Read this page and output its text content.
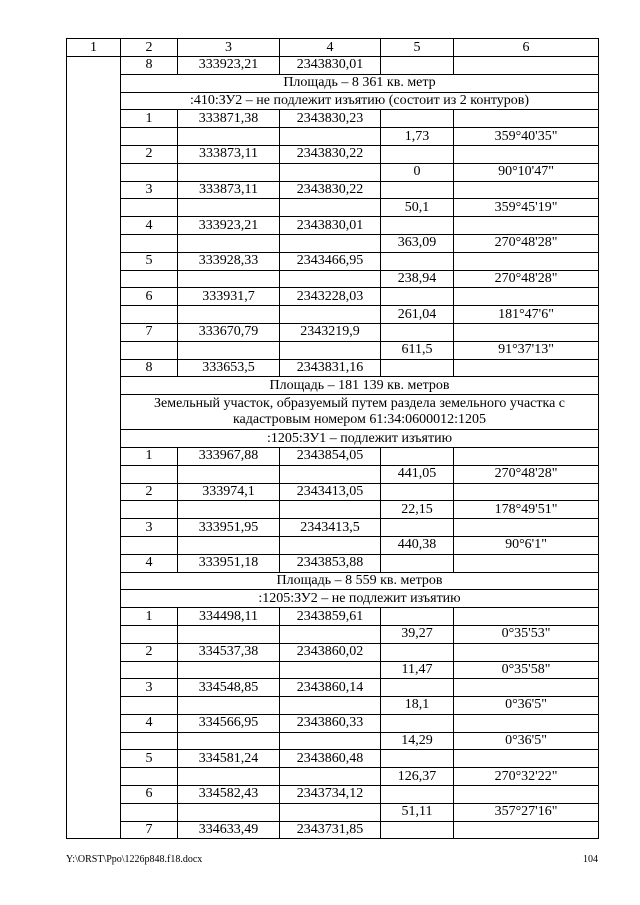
1	2	3	4	5	6
	8	333923,21	2343830,01		
	Площадь – 8 361 кв. метр				
	:410:ЗУ2 – не подлежит изъятию (состоит из 2 контуров)				
	1	333871,38	2343830,23		
				1,73	359°40'35"
	2	333873,11	2343830,22		
				0	90°10'47"
	3	333873,11	2343830,22		
				50,1	359°45'19"
	4	333923,21	2343830,01		
				363,09	270°48'28"
	5	333928,33	2343466,95		
				238,94	270°48'28"
	6	333931,7	2343228,03		
				261,04	181°47'6"
	7	333670,79	2343219,9		
				611,5	91°37'13"
	8	333653,5	2343831,16		
	Площадь – 181 139 кв. метров				
	Земельный участок, образуемый путем раздела земельного участка с кадастровым номером 61:34:0600012:1205				
	:1205:ЗУ1 – подлежит изъятию				
	1	333967,88	2343854,05		
				441,05	270°48'28"
	2	333974,1	2343413,05		
				22,15	178°49'51"
	3	333951,95	2343413,5		
				440,38	90°6'1"
	4	333951,18	2343853,88		
	Площадь – 8 559 кв. метров				
	:1205:ЗУ2 – не подлежит изъятию				
	1	334498,11	2343859,61		
				39,27	0°35'53"
	2	334537,38	2343860,02		
				11,47	0°35'58"
	3	334548,85	2343860,14		
				18,1	0°36'5"
	4	334566,95	2343860,33		
				14,29	0°36'5"
	5	334581,24	2343860,48		
				126,37	270°32'22"
	6	334582,43	2343734,12		
				51,11	357°27'16"
	7	334633,49	2343731,85		
Y:\ORST\Ppo\1226p848.f18.docx	104
